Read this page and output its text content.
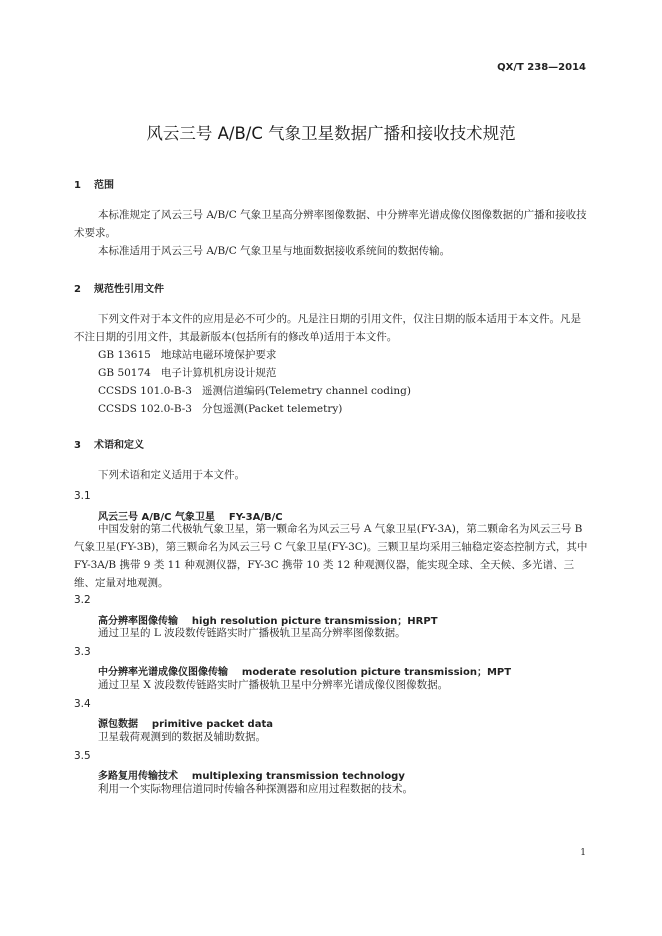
QX/T 238—2014
风云三号 A/B/C 气象卫星数据广播和接收技术规范
1 范围
本标准规定了风云三号 A/B/C 气象卫星高分辨率图像数据、中分辨率光谱成像仪图像数据的广播和接收技术要求。
本标准适用于风云三号 A/B/C 气象卫星与地面数据接收系统间的数据传输。
2 规范性引用文件
下列文件对于本文件的应用是必不可少的。凡是注日期的引用文件，仅注日期的版本适用于本文件。凡是不注日期的引用文件，其最新版本(包括所有的修改单)适用于本文件。
GB 13615   地球站电磁环境保护要求
GB 50174   电子计算机机房设计规范
CCSDS 101.0-B-3   遥测信道编码(Telemetry channel coding)
CCSDS 102.0-B-3   分包遥测(Packet telemetry)
3 术语和定义
下列术语和定义适用于本文件。
3.1
风云三号 A/B/C 气象卫星    FY-3A/B/C
中国发射的第二代极轨气象卫星，第一颗命名为风云三号 A 气象卫星(FY-3A)，第二颗命名为风云三号 B 气象卫星(FY-3B)，第三颗命名为风云三号 C 气象卫星(FY-3C)。三颗卫星均采用三轴稳定姿态控制方式，其中 FY-3A/B 携带 9 类 11 种观测仪器，FY-3C 携带 10 类 12 种观测仪器，能实现全球、全天候、多光谱、三维、定量对地观测。
3.2
高分辨率图像传输    high resolution picture transmission；HRPT
通过卫星的 L 波段数传链路实时广播极轨卫星高分辨率图像数据。
3.3
中分辨率光谱成像仪图像传输    moderate resolution picture transmission；MPT
通过卫星 X 波段数传链路实时广播极轨卫星中分辨率光谱成像仪图像数据。
3.4
源包数据    primitive packet data
卫星载荷观测到的数据及辅助数据。
3.5
多路复用传输技术    multiplexing transmission technology
利用一个实际物理信道同时传输各种探测器和应用过程数据的技术。
1
